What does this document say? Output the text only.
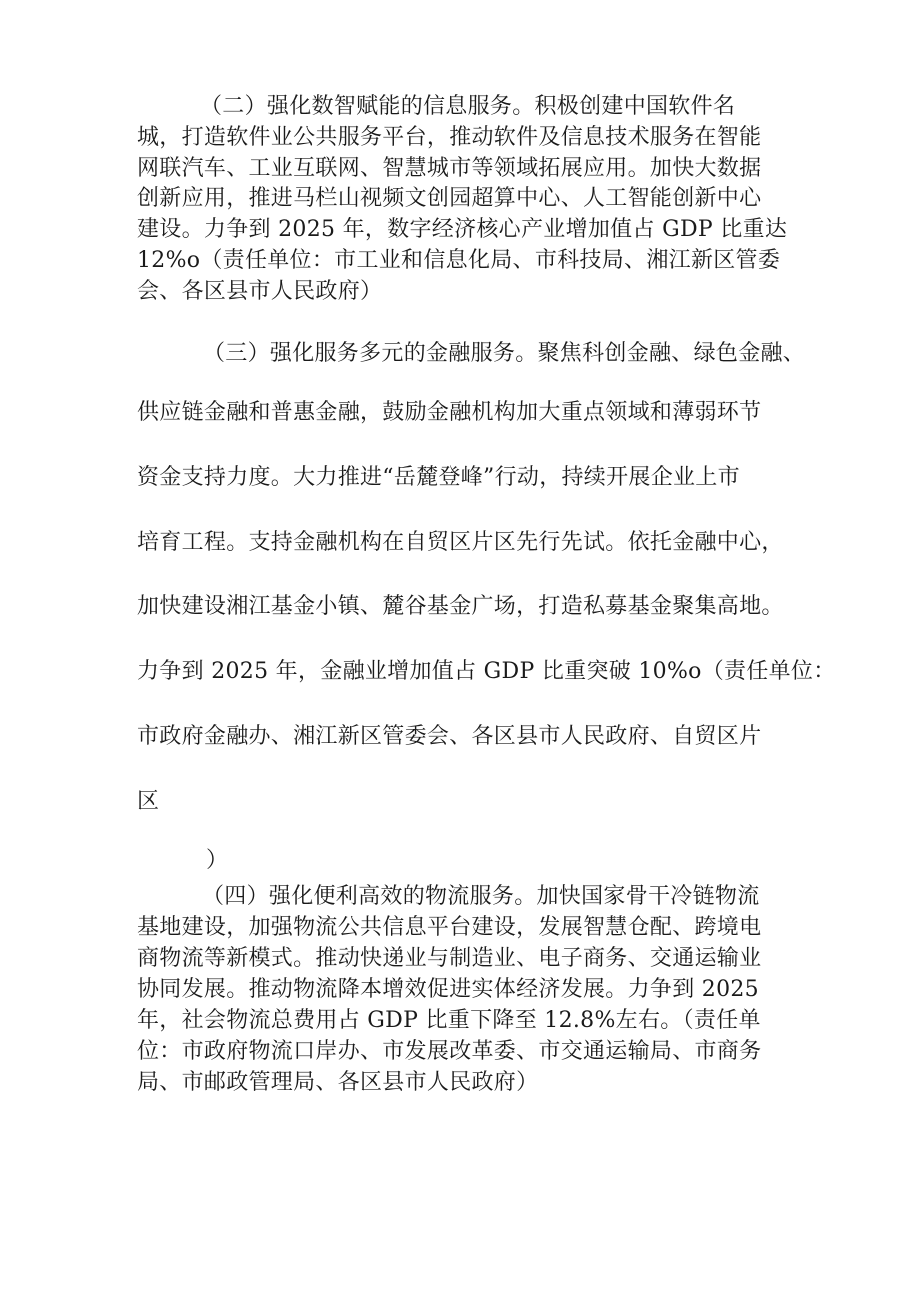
（二）强化数智赋能的信息服务。积极创建中国软件名
城，打造软件业公共服务平台，推动软件及信息技术服务在智能
网联汽车、工业互联网、智慧城市等领域拓展应用。加快大数据
创新应用，推进马栏山视频文创园超算中心、人工智能创新中心
建设。力争到 2025 年，数字经济核心产业增加值占 GDP 比重达
12%o（责任单位：市工业和信息化局、市科技局、湘江新区管委
会、各区县市人民政府）
（三）强化服务多元的金融服务。聚焦科创金融、绿色金融、
供应链金融和普惠金融，鼓励金融机构加大重点领域和薄弱环节
资金支持力度。大力推进“岳麓登峰”行动，持续开展企业上市
培育工程。支持金融机构在自贸区片区先行先试。依托金融中心，
加快建设湘江基金小镇、麓谷基金广场，打造私募基金聚集高地。
力争到 2025 年，金融业增加值占 GDP 比重突破 10%o（责任单位：
市政府金融办、湘江新区管委会、各区县市人民政府、自贸区片
区
）
（四）强化便利高效的物流服务。加快国家骨干冷链物流
基地建设，加强物流公共信息平台建设，发展智慧仓配、跨境电
商物流等新模式。推动快递业与制造业、电子商务、交通运输业
协同发展。推动物流降本增效促进实体经济发展。力争到 2025
年，社会物流总费用占 GDP 比重下降至 12.8%左右。（责任单
位：市政府物流口岸办、市发展改革委、市交通运输局、市商务
局、市邮政管理局、各区县市人民政府）
